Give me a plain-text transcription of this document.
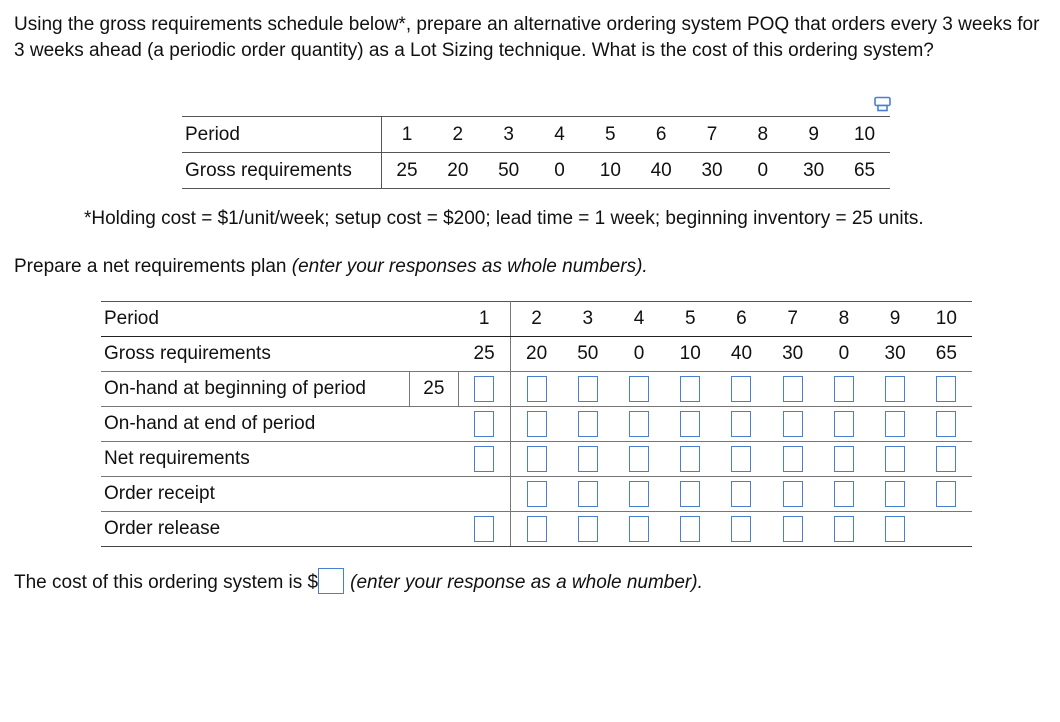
Using the gross requirements schedule below*, prepare an alternative ordering system POQ that orders every 3 weeks for 3 weeks ahead (a periodic order quantity) as a Lot Sizing technique. What is the cost of this ordering system?
Period	1	2	3	4	5	6	7	8	9	10
Gross requirements	25	20	50	0	10	40	30	0	30	65
*Holding cost = $1/unit/week; setup cost = $200; lead time = 1 week; beginning inventory = 25 units.
Prepare a net requirements plan (enter your responses as whole numbers).
Period		1	2	3	4	5	6	7	8	9	10
Gross requirements		25	20	50	0	10	40	30	0	30	65
On-hand at beginning of period	25										
On-hand at end of period											
Net requirements											
Order receipt											
Order release											
The cost of this ordering system is $ (enter your response as a whole number).
